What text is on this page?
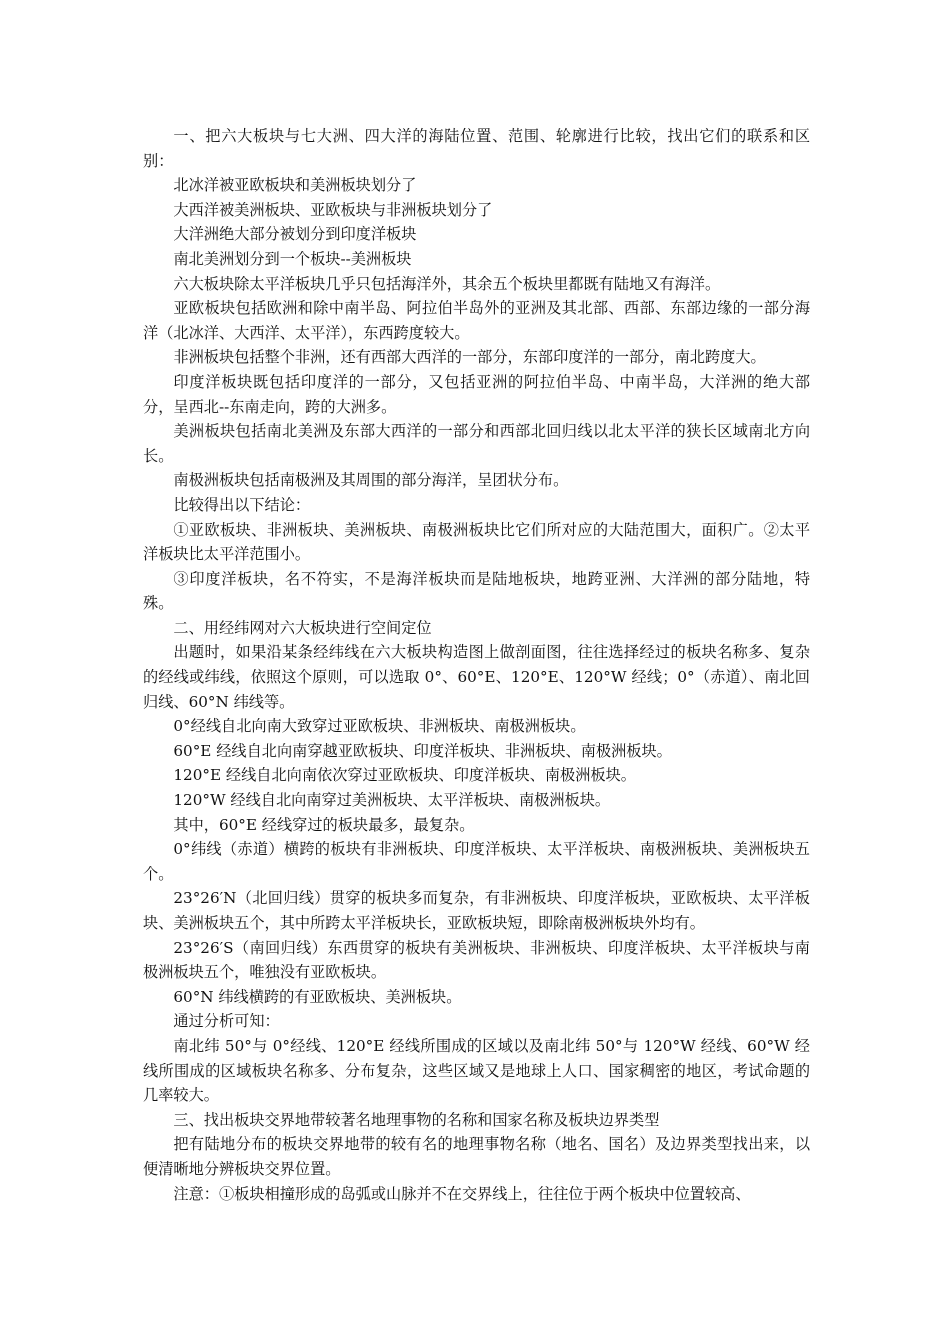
一、把六大板块与七大洲、四大洋的海陆位置、范围、轮廓进行比较，找出它们的联系和区别：

北冰洋被亚欧板块和美洲板块划分了

大西洋被美洲板块、亚欧板块与非洲板块划分了

大洋洲绝大部分被划分到印度洋板块

南北美洲划分到一个板块--美洲板块

六大板块除太平洋板块几乎只包括海洋外，其余五个板块里都既有陆地又有海洋。

亚欧板块包括欧洲和除中南半岛、阿拉伯半岛外的亚洲及其北部、西部、东部边缘的一部分海洋（北冰洋、大西洋、太平洋），东西跨度较大。

非洲板块包括整个非洲，还有西部大西洋的一部分，东部印度洋的一部分，南北跨度大。

印度洋板块既包括印度洋的一部分，又包括亚洲的阿拉伯半岛、中南半岛，大洋洲的绝大部分，呈西北--东南走向，跨的大洲多。

美洲板块包括南北美洲及东部大西洋的一部分和西部北回归线以北太平洋的狭长区域南北方向长。

南极洲板块包括南极洲及其周围的部分海洋，呈团状分布。

比较得出以下结论：

①亚欧板块、非洲板块、美洲板块、南极洲板块比它们所对应的大陆范围大，面积广。②太平洋板块比太平洋范围小。

③印度洋板块，名不符实，不是海洋板块而是陆地板块，地跨亚洲、大洋洲的部分陆地，特殊。

二、用经纬网对六大板块进行空间定位

出题时，如果沿某条经纬线在六大板块构造图上做剖面图，往往选择经过的板块名称多、复杂的经线或纬线，依照这个原则，可以选取 0°、60°E、120°E、120°W 经线；0°（赤道）、南北回归线、60°N 纬线等。

0°经线自北向南大致穿过亚欧板块、非洲板块、南极洲板块。

60°E 经线自北向南穿越亚欧板块、印度洋板块、非洲板块、南极洲板块。

120°E 经线自北向南依次穿过亚欧板块、印度洋板块、南极洲板块。

120°W 经线自北向南穿过美洲板块、太平洋板块、南极洲板块。

其中，60°E 经线穿过的板块最多，最复杂。

0°纬线（赤道）横跨的板块有非洲板块、印度洋板块、太平洋板块、南极洲板块、美洲板块五个。

23°26′N（北回归线）贯穿的板块多而复杂，有非洲板块、印度洋板块，亚欧板块、太平洋板块、美洲板块五个，其中所跨太平洋板块长，亚欧板块短，即除南极洲板块外均有。

23°26′S（南回归线）东西贯穿的板块有美洲板块、非洲板块、印度洋板块、太平洋板块与南极洲板块五个，唯独没有亚欧板块。

60°N 纬线横跨的有亚欧板块、美洲板块。

通过分析可知：

南北纬 50°与 0°经线、120°E 经线所围成的区域以及南北纬 50°与 120°W 经线、60°W 经线所围成的区域板块名称多、分布复杂，这些区域又是地球上人口、国家稠密的地区，考试命题的几率较大。

三、找出板块交界地带较著名地理事物的名称和国家名称及板块边界类型

把有陆地分布的板块交界地带的较有名的地理事物名称（地名、国名）及边界类型找出来，以便清晰地分辨板块交界位置。

注意：①板块相撞形成的岛弧或山脉并不在交界线上，往往位于两个板块中位置较高、
